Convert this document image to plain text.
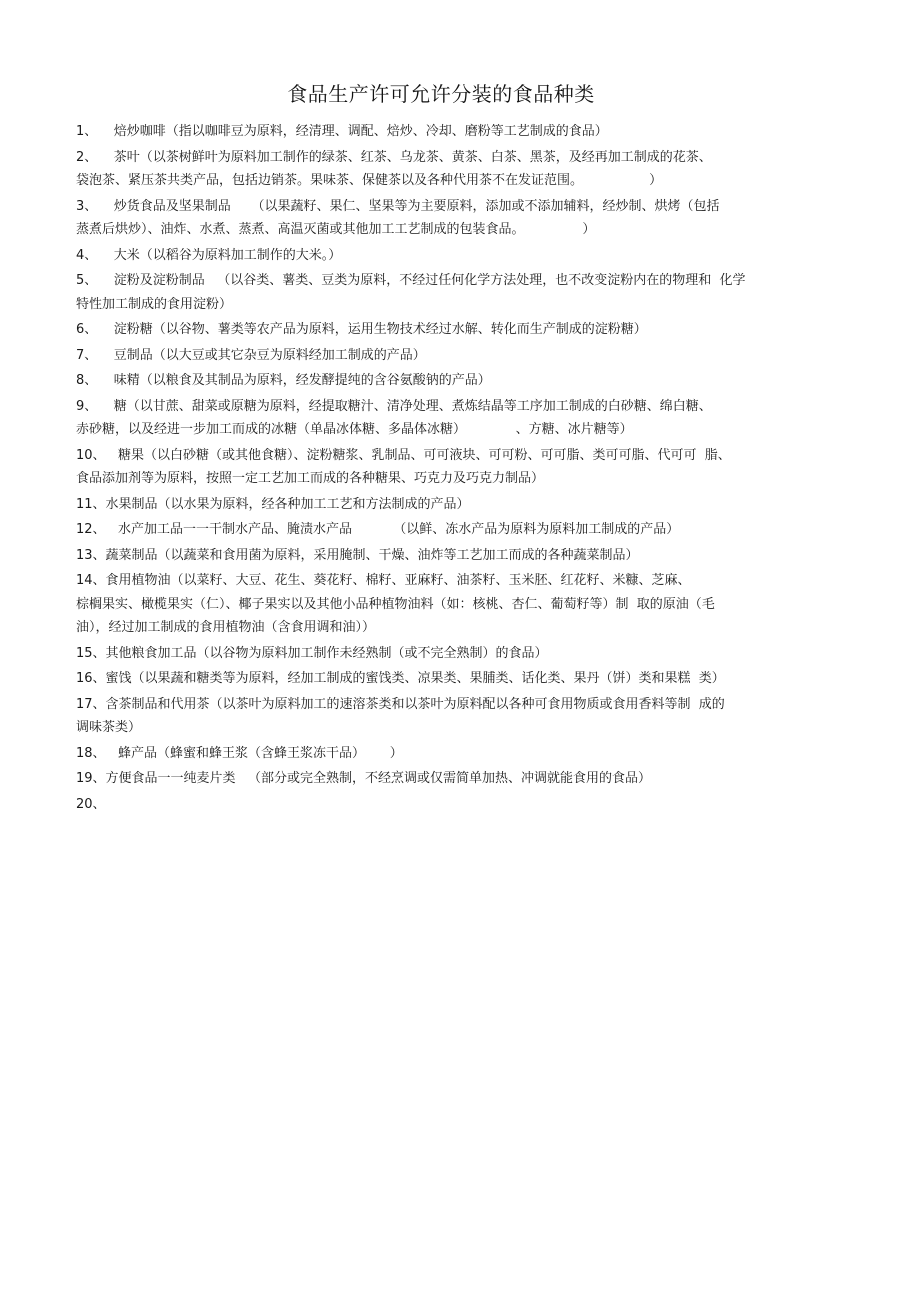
食品生产许可允许分装的食品种类

1、    焙炒咖啡（指以咖啡豆为原料，经清理、调配、焙炒、冷却、磨粉等工艺制成的食品）

2、    茶叶（以茶树鲜叶为原料加工制作的绿茶、红茶、乌龙茶、黄茶、白茶、黑茶，及经再加工制成的花茶、

袋泡茶、紧压茶共类产品，包括边销茶。果味茶、保健茶以及各种代用茶不在发证范围。                ）

3、    炒货食品及坚果制品     （以果蔬籽、果仁、坚果等为主要原料，添加或不添加辅料，经炒制、烘烤（包括

蒸煮后烘炒）、油炸、水煮、蒸煮、高温灭菌或其他加工工艺制成的包装食品。              ）

4、    大米（以稻谷为原料加工制作的大米。）

5、    淀粉及淀粉制品   （以谷类、薯类、豆类为原料，不经过任何化学方法处理，也不改变淀粉内在的物理和  化学

特性加工制成的食用淀粉）

6、    淀粉糖（以谷物、薯类等农产品为原料，运用生物技术经过水解、转化而生产制成的淀粉糖）

7、    豆制品（以大豆或其它杂豆为原料经加工制成的产品）

8、    味精（以粮食及其制品为原料，经发酵提纯的含谷氨酸钠的产品）

9、    糖（以甘蔗、甜菜或原糖为原料，经提取糖汁、清净处理、煮炼结晶等工序加工制成的白砂糖、绵白糖、

赤砂糖，以及经进一步加工而成的冰糖（单晶冰体糖、多晶体冰糖）            、方糖、冰片糖等）

10、   糖果（以白砂糖（或其他食糖）、淀粉糖浆、乳制品、可可液块、可可粉、可可脂、类可可脂、代可可  脂、

食品添加剂等为原料，按照一定工艺加工而成的各种糖果、巧克力及巧克力制品）

11、水果制品（以水果为原料，经各种加工工艺和方法制成的产品）

12、   水产加工品一一干制水产品、腌渍水产品          （以鲜、冻水产品为原料为原料加工制成的产品）

13、蔬菜制品（以蔬菜和食用菌为原料，采用腌制、干燥、油炸等工艺加工而成的各种蔬菜制品）

14、食用植物油（以菜籽、大豆、花生、葵花籽、棉籽、亚麻籽、油茶籽、玉米胚、红花籽、米糠、芝麻、

棕榈果实、橄榄果实（仁）、椰子果实以及其他小品种植物油料（如：核桃、杏仁、葡萄籽等）制  取的原油（毛

油），经过加工制成的食用植物油（含食用调和油））

15、其他粮食加工品（以谷物为原料加工制作未经熟制（或不完全熟制）的食品）

16、蜜饯（以果蔬和糖类等为原料，经加工制成的蜜饯类、凉果类、果脯类、话化类、果丹（饼）类和果糕  类）

17、含茶制品和代用茶（以茶叶为原料加工的速溶茶类和以茶叶为原料配以各种可食用物质或食用香料等制  成的

调味茶类）

18、   蜂产品（蜂蜜和蜂王浆（含蜂王浆冻干品）      ）

19、方便食品一一纯麦片类   （部分或完全熟制，不经烹调或仅需简单加热、冲调就能食用的食品）

20、
